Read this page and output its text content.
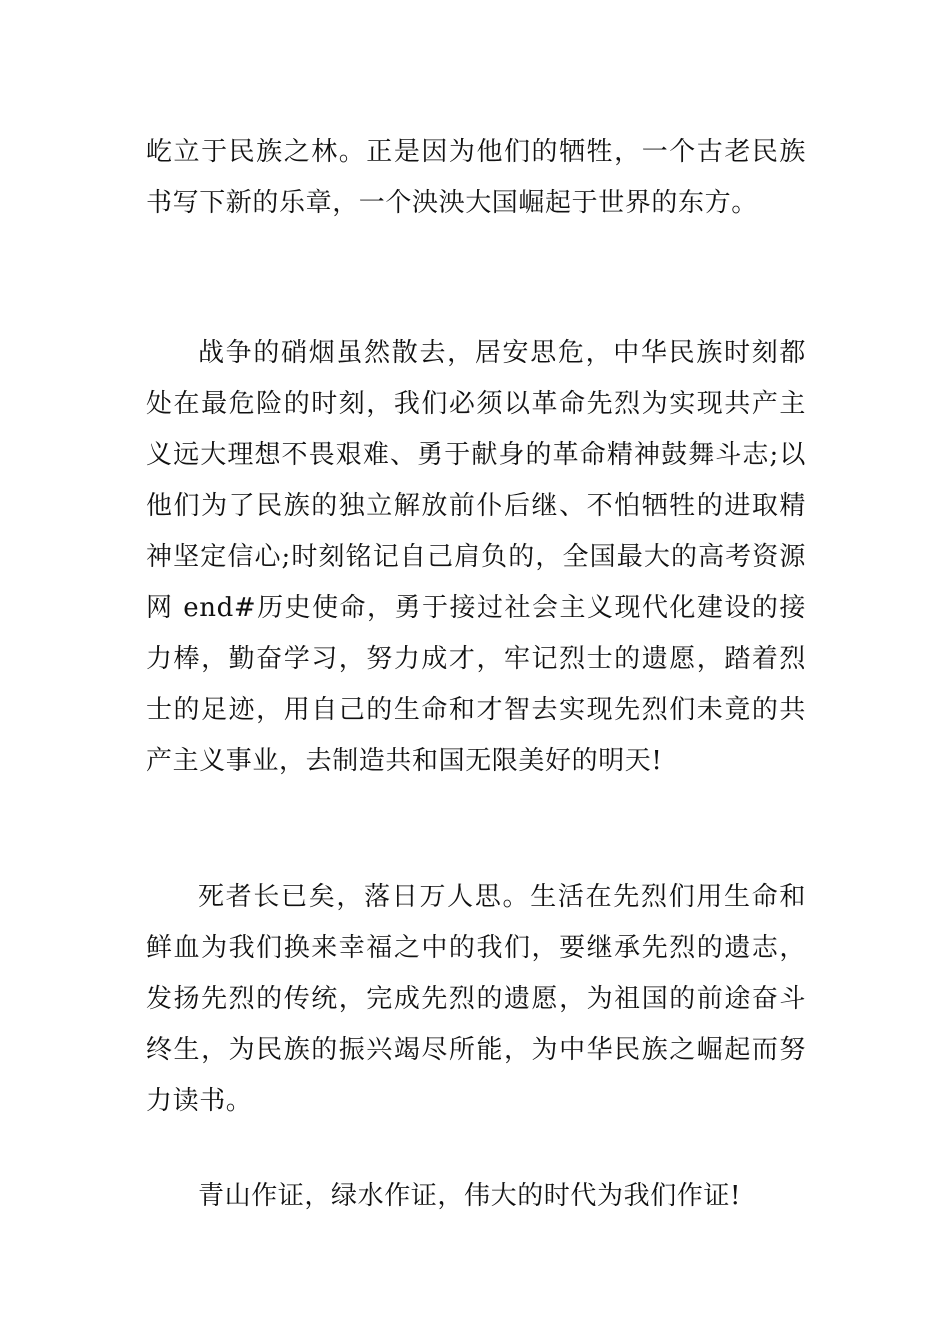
屹立于民族之林。正是因为他们的牺牲，一个古老民族书写下新的乐章，一个泱泱大国崛起于世界的东方。

战争的硝烟虽然散去，居安思危，中华民族时刻都处在最危险的时刻，我们必须以革命先烈为实现共产主义远大理想不畏艰难、勇于献身的革命精神鼓舞斗志;以他们为了民族的独立解放前仆后继、不怕牺牲的进取精神坚定信心;时刻铭记自己肩负的，全国最大的高考资源网 end#历史使命，勇于接过社会主义现代化建设的接力棒，勤奋学习，努力成才，牢记烈士的遗愿，踏着烈士的足迹，用自己的生命和才智去实现先烈们未竟的共产主义事业，去制造共和国无限美好的明天!

死者长已矣，落日万人思。生活在先烈们用生命和鲜血为我们换来幸福之中的我们，要继承先烈的遗志，发扬先烈的传统，完成先烈的遗愿，为祖国的前途奋斗终生，为民族的振兴竭尽所能，为中华民族之崛起而努力读书。

青山作证，绿水作证，伟大的时代为我们作证!
